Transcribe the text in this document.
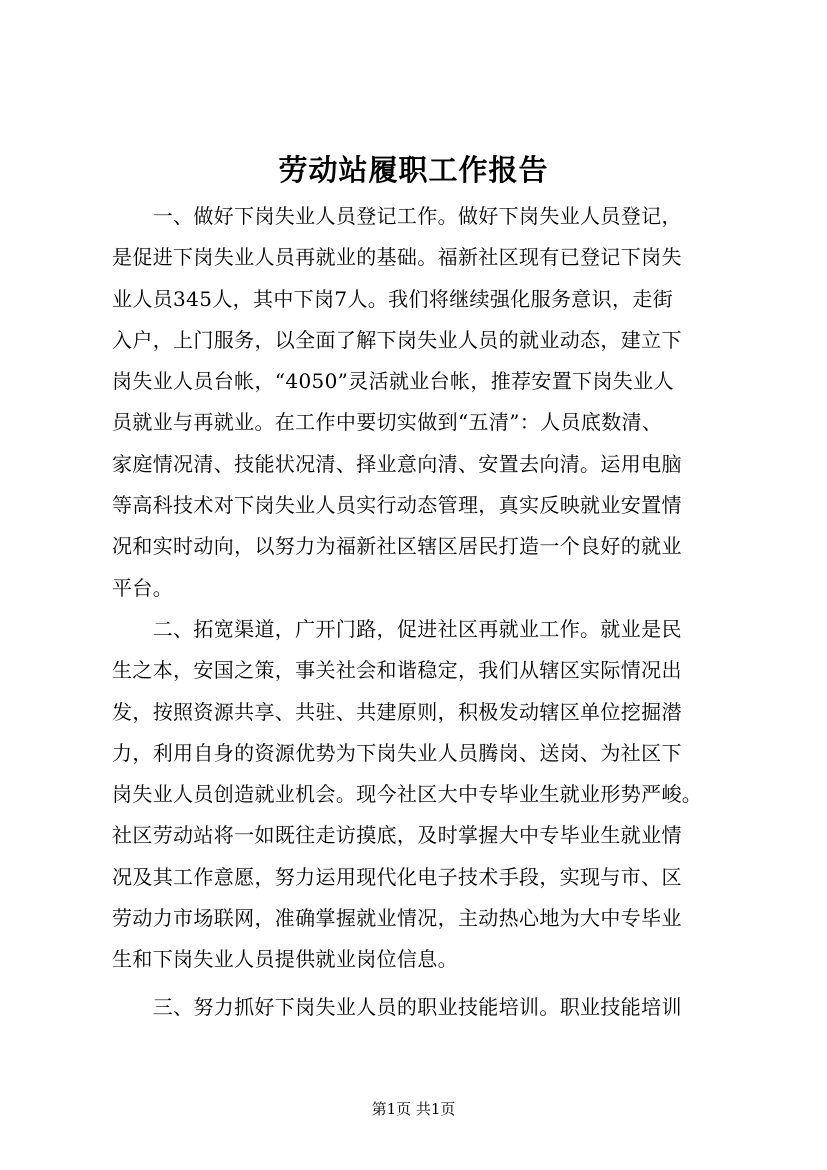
劳动站履职工作报告
　　一、做好下岗失业人员登记工作。做好下岗失业人员登记，
是促进下岗失业人员再就业的基础。福新社区现有已登记下岗失
业人员345人，其中下岗7人。我们将继续强化服务意识，走街
入户，上门服务，以全面了解下岗失业人员的就业动态，建立下
岗失业人员台帐，“4050”灵活就业台帐，推荐安置下岗失业人
员就业与再就业。在工作中要切实做到“五清”：人员底数清、
家庭情况清、技能状况清、择业意向清、安置去向清。运用电脑
等高科技术对下岗失业人员实行动态管理，真实反映就业安置情
况和实时动向，以努力为福新社区辖区居民打造一个良好的就业
平台。
　　二、拓宽渠道，广开门路，促进社区再就业工作。就业是民
生之本，安国之策，事关社会和谐稳定，我们从辖区实际情况出
发，按照资源共享、共驻、共建原则，积极发动辖区单位挖掘潜
力，利用自身的资源优势为下岗失业人员腾岗、送岗、为社区下
岗失业人员创造就业机会。现今社区大中专毕业生就业形势严峻。
社区劳动站将一如既往走访摸底，及时掌握大中专毕业生就业情
况及其工作意愿，努力运用现代化电子技术手段，实现与市、区
劳动力市场联网，准确掌握就业情况，主动热心地为大中专毕业
生和下岗失业人员提供就业岗位信息。
　　三、努力抓好下岗失业人员的职业技能培训。职业技能培训
第1页 共1页
